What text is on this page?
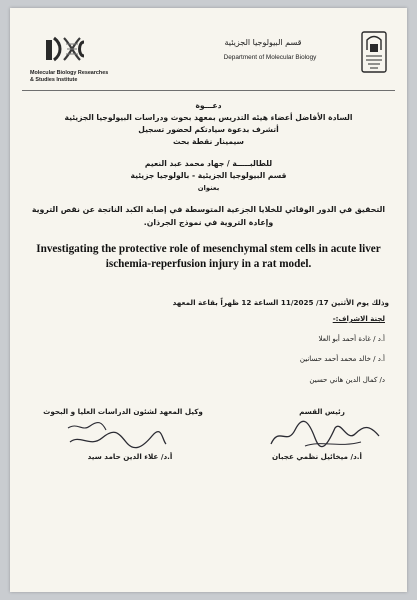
Molecular Biology Researches
& Studies Institute
قسم البيولوجيا الجزيئية
Department of Molecular Biology
دعـــوة
السادة الأفاضل أعضاء هيئه التدريس بمعهد بحوث ودراسات البيولوجيا الجزيئية
أتشرف بدعوة سيادتكم لحضور تسجيل
سيمينار نقطة بحث
للطالبـــــة / جهاد محمد عبد النعيم
قسم البيولوجيا الجزيئية - بالولوجيا جزيئية
بعنوان
التحقيق في الدور الوقائي للخلايا الجزعية المتوسطة في إصابة الكبد الناتجة عن نقص التروية
وإعادة التروية في نموذج الجرذان.
Investigating the protective role of mesenchymal stem cells in acute liver ischemia-reperfusion injury in a rat model.
وذلك يوم الأثنين 17/ 11/2025 الساعة 12 ظهراً بقاعة المعهد
لجنة الاشراف:-
أ.د / غادة أحمد أبو العلا
أ.د / خالد محمد أحمد حسانين
د/ كمال الدين هاني حسين
رئيس القسم
أ.د/ ميخائيل نظمي عجبان
وكيل المعهد لشئون الدراسات العليا و البحوث
أ.د/ علاء الدين حامد سيد
